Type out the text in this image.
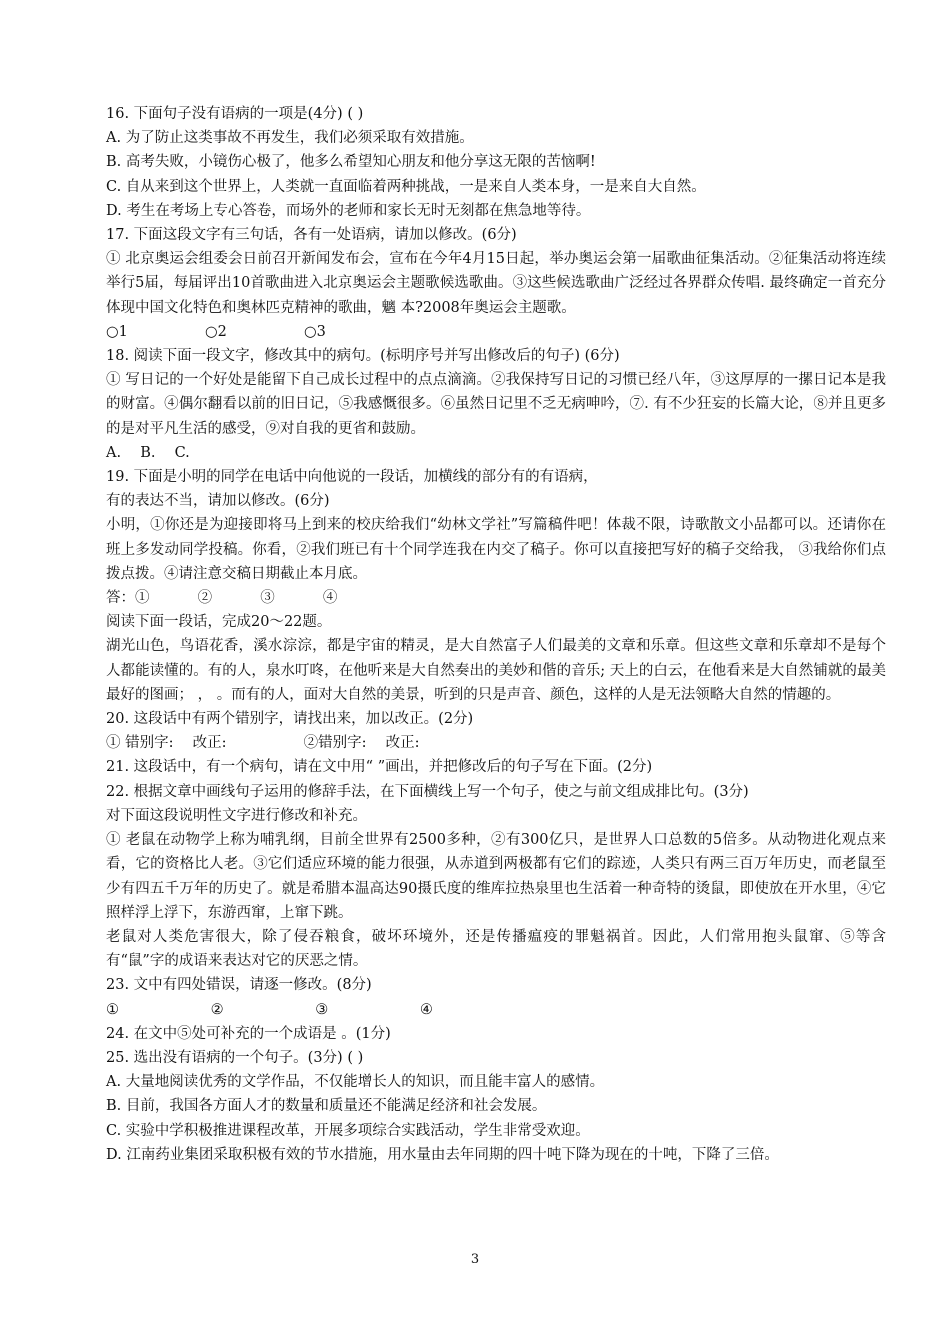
16. 下面句子没有语病的一项是(4分) ( )
A. 为了防止这类事故不再发生，我们必须采取有效措施。
B. 高考失败，小镜伤心极了，他多么希望知心朋友和他分享这无限的苦恼啊!
C. 自从来到这个世界上，人类就一直面临着两种挑战，一是来自人类本身，一是来自大自然。
D. 考生在考场上专心答卷，而场外的老师和家长无时无刻都在焦急地等待。
17. 下面这段文字有三句话，各有一处语病，请加以修改。(6分)
① 北京奥运会组委会日前召开新闻发布会，宣布在今年4月15日起，举办奥运会第一届歌曲征集活动。②征集活动将连续举行5届，每届评出10首歌曲进入北京奥运会主题歌候选歌曲。③这些候选歌曲广泛经过各界群众传唱. 最终确定一首充分体现中国文化特色和奥林匹克精神的歌曲，魑 本?2008年奥运会主题歌。
○1 　　　　　○2 　　　　　○3
18. 阅读下面一段文字，修改其中的病句。(标明序号并写出修改后的句子) (6分)
① 写日记的一个好处是能留下自己成长过程中的点点滴滴。②我保持写日记的习惯已经八年，③这厚厚的一摞日记本是我的财富。④偶尔翻看以前的旧日记，⑤我感慨很多。⑥虽然日记里不乏无病呻吟，⑦. 有不少狂妄的长篇大论，⑧并且更多的是对平凡生活的感受，⑨对自我的更省和鼓励。
A. 　B. 　C.
19. 下面是小明的同学在电话中向他说的一段话，加横线的部分有的有语病，
有的表达不当，请加以修改。(6分)
小明，①你还是为迎接即将马上到来的校庆给我们“幼林文学社”写篇稿件吧！体裁不限，诗歌散文小品都可以。还请你在班上多发动同学投稿。你看，②我们班已有十个同学连我在内交了稿子。你可以直接把写好的稿子交给我， ③我给你们点拨点拨。④请注意交稿日期截止本月底。
答：① 　　　② 　　　③ 　　　④
阅读下面一段话，完成20～22题。
湖光山色，鸟语花香，溪水淙淙，都是宇宙的精灵，是大自然富子人们最美的文章和乐章。但这些文章和乐章却不是每个人都能读懂的。有的人，泉水叮咚，在他听来是大自然奏出的美妙和偕的音乐; 天上的白云，在他看来是大自然铺就的最美最好的图画； ， 。而有的人，面对大自然的美景，听到的只是声音、颜色，这样的人是无法领略大自然的情趣的。
20. 这段话中有两个错别字，请找出来，加以改正。(2分)
① 错别字: 　改正: 　　　　　②错别字: 　改正:
21. 这段话中，有一个病句，请在文中用“ ”画出，并把修改后的句子写在下面。(2分)
22. 根据文章中画线句子运用的修辞手法，在下面横线上写一个句子，使之与前文组成排比句。(3分)
对下面这段说明性文字进行修改和补充。
① 老鼠在动物学上称为哺乳纲，目前全世界有2500多种，②有300亿只，是世界人口总数的5倍多。从动物进化观点来看，它的资格比人老。③它们适应环境的能力很强，从赤道到两极都有它们的踪迹，人类只有两三百万年历史，而老鼠至少有四五千万年的历史了。就是希腊本温高达90摄氏度的维库拉热泉里也生活着一种奇特的烫鼠，即使放在开水里，④它照样浮上浮下，东游西窜，上窜下跳。
老鼠对人类危害很大，除了侵吞粮食，破坏环境外，还是传播瘟疫的罪魁祸首。因此，人们常用抱头鼠窜、⑤等含有“鼠”字的成语来表达对它的厌恶之情。
23. 文中有四处错误，请逐一修改。(8分)
① 　　　　　　② 　　　　　　③ 　　　　　　④
24. 在文中⑤处可补充的一个成语是 。(1分)
25. 选出没有语病的一个句子。(3分) ( )
A. 大量地阅读优秀的文学作品，不仅能增长人的知识，而且能丰富人的感情。
B. 目前，我国各方面人才的数量和质量还不能满足经济和社会发展。
C. 实验中学积极推进课程改革，开展多项综合实践活动，学生非常受欢迎。
D. 江南药业集团采取积极有效的节水措施，用水量由去年同期的四十吨下降为现在的十吨，下降了三倍。
3
